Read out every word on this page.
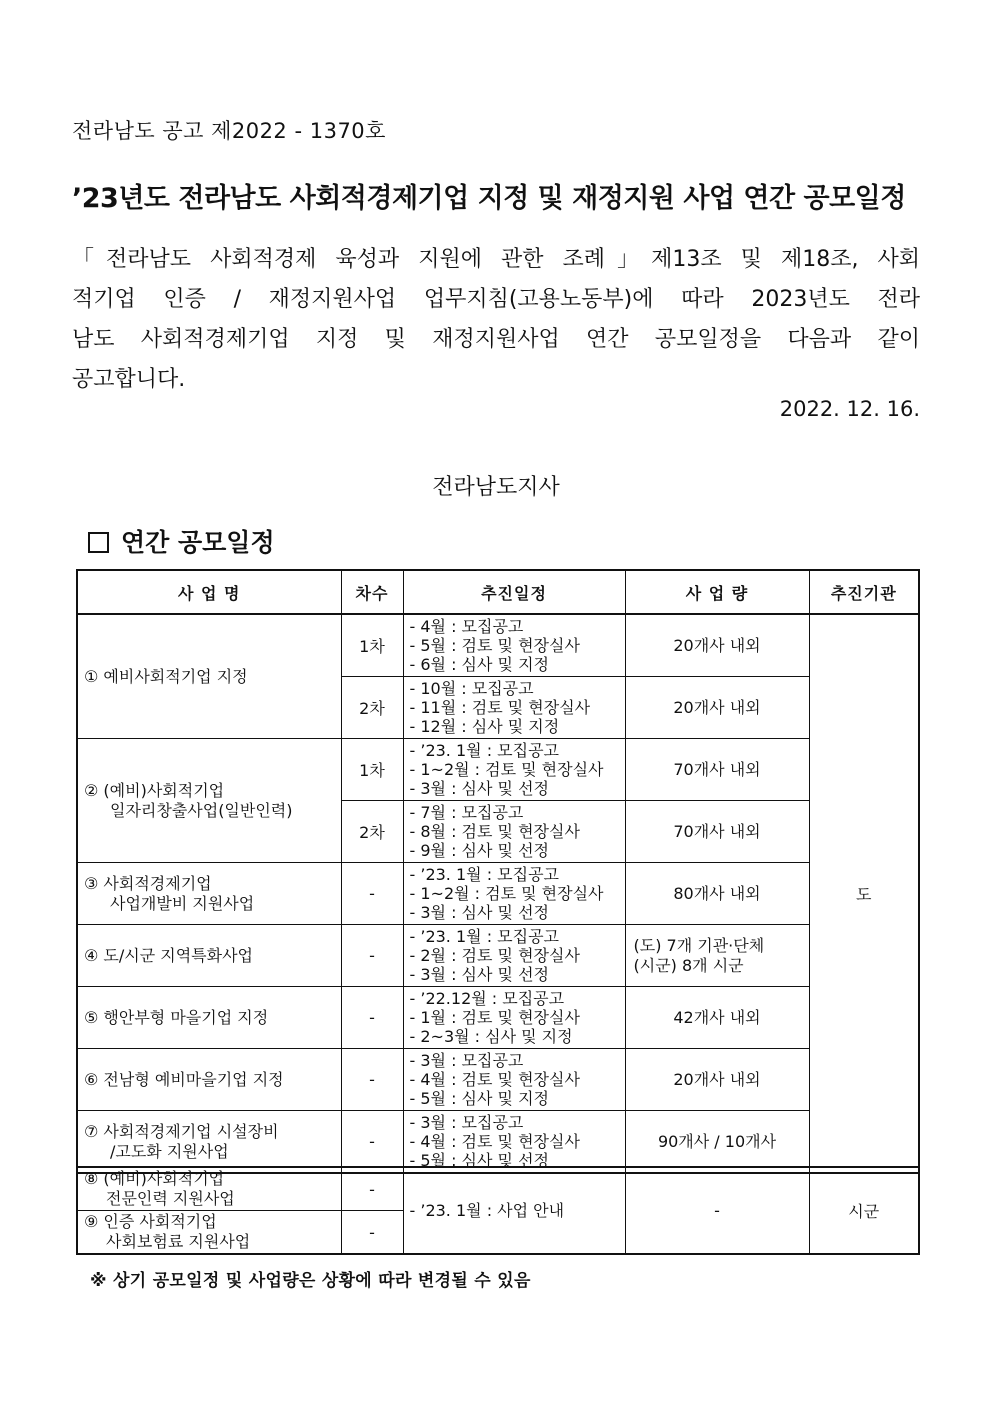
전라남도 공고 제2022 - 1370호
’23년도 전라남도 사회적경제기업 지정 및 재정지원 사업 연간 공모일정

「전라남도 사회적경제 육성과 지원에 관한 조례」제13조 및 제18조, 사회

적기업 인증 / 재정지원사업 업무지침(고용노동부)에 따라 2023년도 전라

남도 사회적경제기업 지정 및 재정지원사업 연간 공모일정을 다음과 같이

공고합니다.

2022. 12. 16.
전라남도지사
연간 공모일정
사 업 명	차수	추진일정	사 업 량	추진기관
① 예비사회적기업 지정	1차	- 4월 : 모집공고
- 5월 : 검토 및 현장실사
- 6월 : 심사 및 지정	20개사 내외	도
	2차	- 10월 : 모집공고
- 11월 : 검토 및 현장실사
- 12월 : 심사 및 지정	20개사 내외	

② (예비)사회적기업
일자리창출사업(일반인력)	1차	- ’23. 1월 : 모집공고
- 1~2월 : 검토 및 현장실사
- 3월 : 심사 및 선정	70개사 내외	

	2차	- 7월 : 모집공고
- 8월 : 검토 및 현장실사
- 9월 : 심사 및 선정	70개사 내외	

③ 사회적경제기업
사업개발비 지원사업	-	- ’23. 1월 : 모집공고
- 1~2월 : 검토 및 현장실사
- 3월 : 심사 및 선정	80개사 내외	

④ 도/시군 지역특화사업	-	- ’23. 1월 : 모집공고
- 2월 : 검토 및 현장실사
- 3월 : 심사 및 선정	(도) 7개 기관·단체
(시군) 8개 시군	

⑤ 행안부형 마을기업 지정	-	- ’22.12월 : 모집공고
- 1월 : 검토 및 현장실사
- 2~3월 : 심사 및 지정	42개사 내외	

⑥ 전남형 예비마을기업 지정	-	- 3월 : 모집공고
- 4월 : 검토 및 현장실사
- 5월 : 심사 및 지정	20개사 내외	

⑦ 사회적경제기업 시설장비
/고도화 지원사업	-	- 3월 : 모집공고
- 4월 : 검토 및 현장실사
- 5월 : 심사 및 선정	90개사 / 10개사	
⑧ (예비)사회적기업
전문인력 지원사업	-	- ’23. 1월 : 사업 안내	-	시군
⑨ 인증 사회적기업
사회보험료 지원사업	-			
※ 상기 공모일정 및 사업량은 상황에 따라 변경될 수 있음
